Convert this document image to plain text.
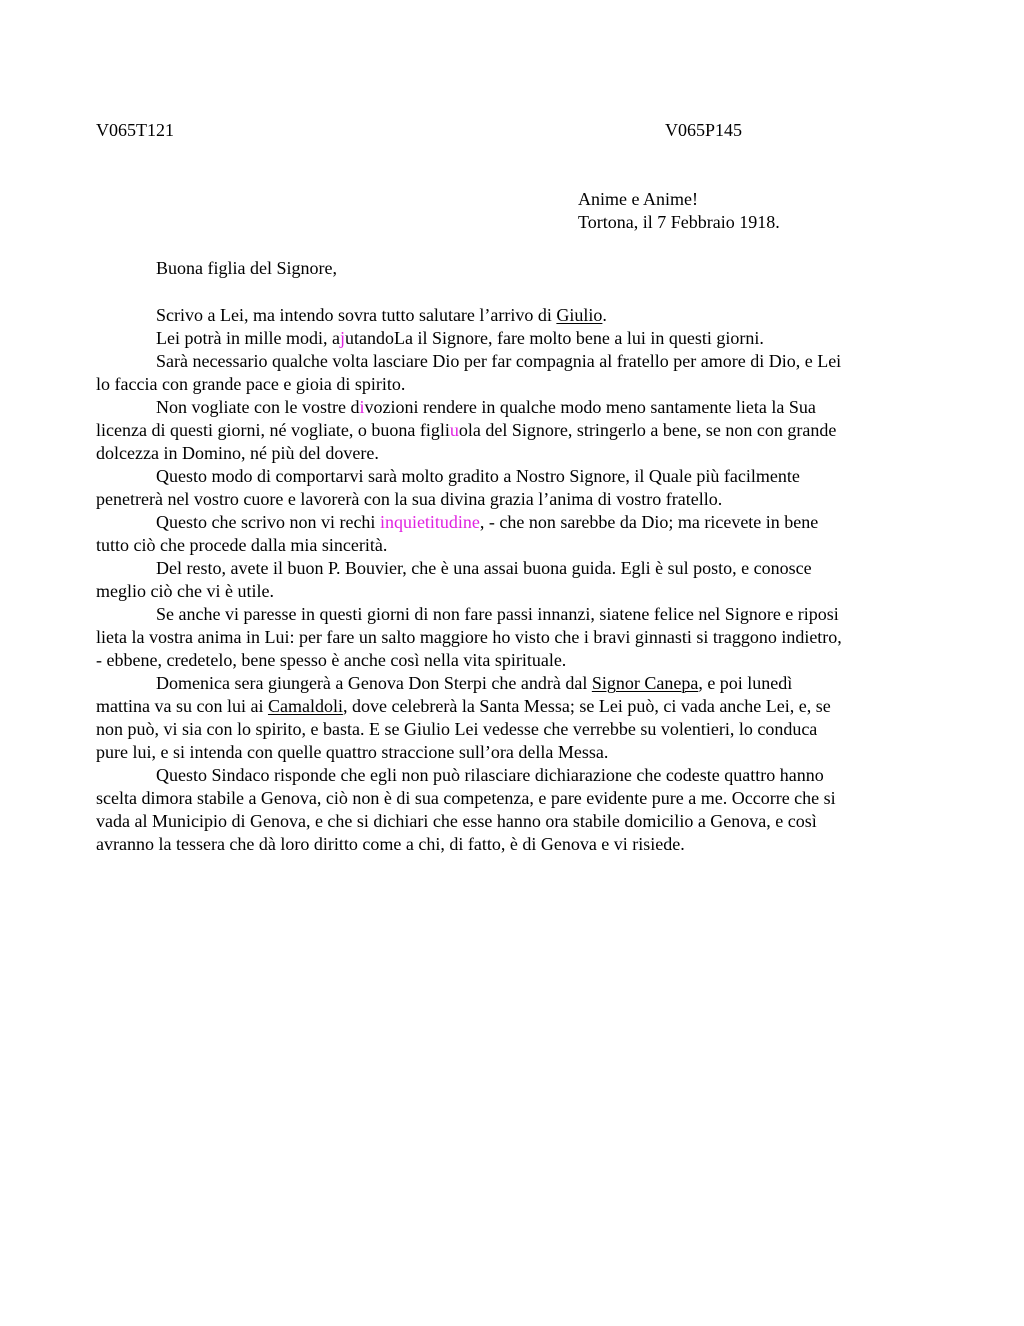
V065T121	V065P145
Anime e Anime!
Tortona, il 7 Febbraio 1918.
Buona figlia del Signore,

Scrivo a Lei, ma intendo sovra tutto salutare l’arrivo di Giulio.

Lei potrà in mille modi, ajutandoLa il Signore, fare molto bene a lui in questi giorni.

Sarà necessario qualche volta lasciare Dio per far compagnia al fratello per amore di Dio, e Lei
lo faccia con grande pace e gioia di spirito.

Non vogliate con le vostre divozioni rendere in qualche modo meno santamente lieta la Sua
licenza di questi giorni, né vogliate, o buona figliuola del Signore, stringerlo a bene, se non con grande
dolcezza in Domino, né più del dovere.

Questo modo di comportarvi sarà molto gradito a Nostro Signore, il Quale più facilmente
penetrerà nel vostro cuore e lavorerà con la sua divina grazia l’anima di vostro fratello.

Questo che scrivo non vi rechi inquietitudine, - che non sarebbe da Dio; ma ricevete in bene
tutto ciò che procede dalla mia sincerità.

Del resto, avete il buon P. Bouvier, che è una assai buona guida. Egli è sul posto, e conosce
meglio ciò che vi è utile.

Se anche vi paresse in questi giorni di non fare passi innanzi, siatene felice nel Signore e riposi
lieta la vostra anima in Lui: per fare un salto maggiore ho visto che i bravi ginnasti si traggono indietro,
- ebbene, credetelo, bene spesso è anche così nella vita spirituale.

Domenica sera giungerà a Genova Don Sterpi che andrà dal Signor Canepa, e poi lunedì
mattina va su con lui ai Camaldoli, dove celebrerà la Santa Messa; se Lei può, ci vada anche Lei, e, se
non può, vi sia con lo spirito, e basta. E se Giulio Lei vedesse che verrebbe su volentieri, lo conduca
pure lui, e si intenda con quelle quattro straccione sull’ora della Messa.

Questo Sindaco risponde che egli non può rilasciare dichiarazione che codeste quattro hanno
scelta dimora stabile a Genova, ciò non è di sua competenza, e pare evidente pure a me. Occorre che si
vada al Municipio di Genova, e che si dichiari che esse hanno ora stabile domicilio a Genova, e così
avranno la tessera che dà loro diritto come a chi, di fatto, è di Genova e vi risiede.
